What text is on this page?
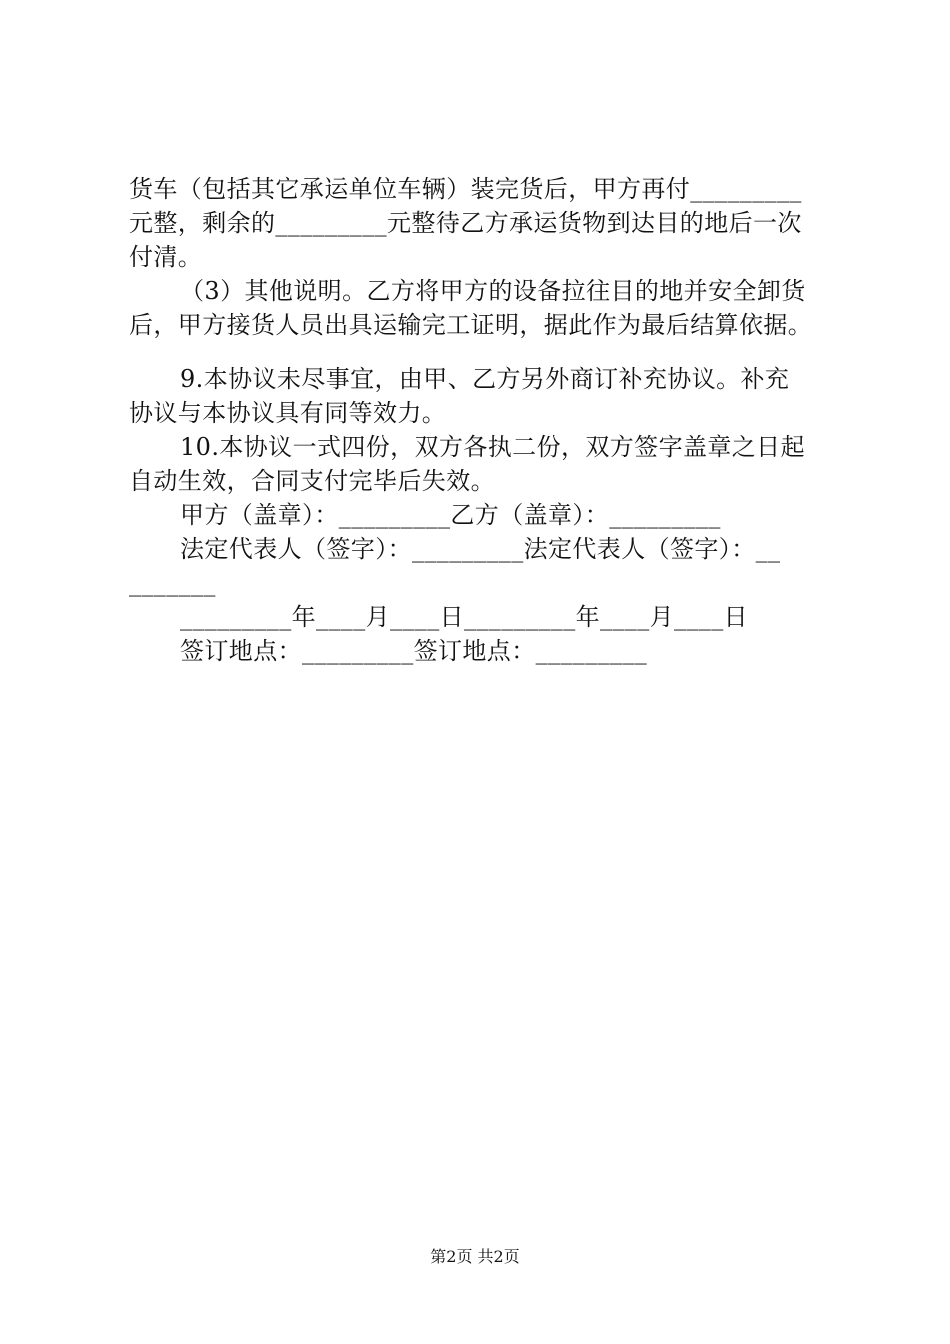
货车（包括其它承运单位车辆）装完货后，甲方再付_________
元整，剩余的_________元整待乙方承运货物到达目的地后一次
付清。
（3）其他说明。乙方将甲方的设备拉往目的地并安全卸货
后，甲方接货人员出具运输完工证明，据此作为最后结算依据。
9.本协议未尽事宜，由甲、乙方另外商订补充协议。补充
协议与本协议具有同等效力。
10.本协议一式四份，双方各执二份，双方签字盖章之日起
自动生效，合同支付完毕后失效。
甲方（盖章）：_________乙方（盖章）：_________
法定代表人（签字）：_________法定代表人（签字）：__
_______
_________年____月____日_________年____月____日
签订地点：_________签订地点：_________
第2页 共2页
